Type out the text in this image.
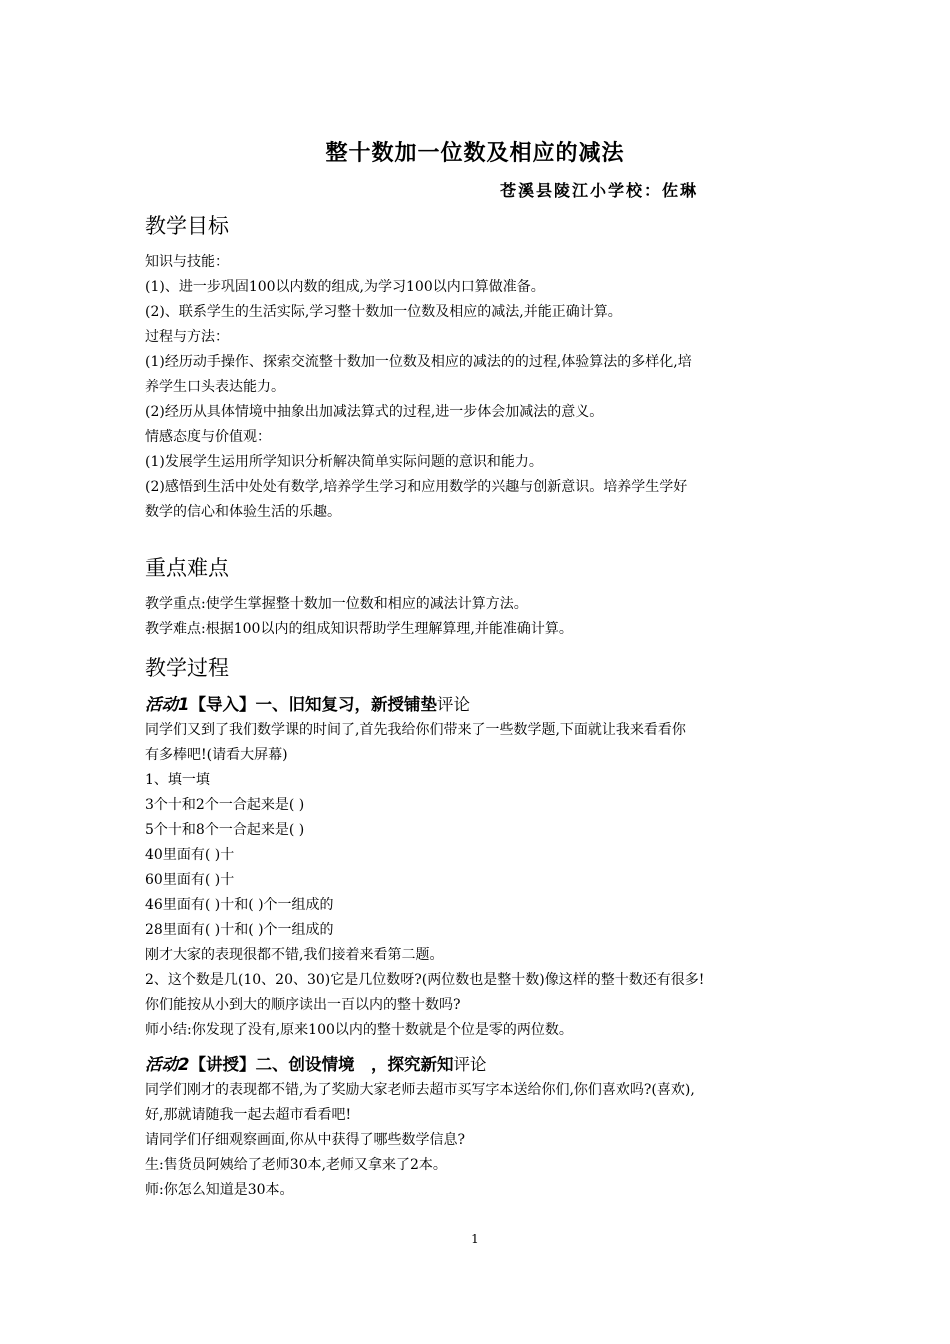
整十数加一位数及相应的减法
苍溪县陵江小学校：佐琳
教学目标
知识与技能：
(1)、进一步巩固100以内数的组成,为学习100以内口算做准备。
(2)、联系学生的生活实际,学习整十数加一位数及相应的减法,并能正确计算。
过程与方法：
(1)经历动手操作、探索交流整十数加一位数及相应的减法的的过程,体验算法的多样化,培
养学生口头表达能力。
(2)经历从具体情境中抽象出加减法算式的过程,进一步体会加减法的意义。
情感态度与价值观：
(1)发展学生运用所学知识分析解决简单实际问题的意识和能力。
(2)感悟到生活中处处有数学,培养学生学习和应用数学的兴趣与创新意识。培养学生学好
数学的信心和体验生活的乐趣。
重点难点
教学重点:使学生掌握整十数加一位数和相应的减法计算方法。
教学难点:根据100以内的组成知识帮助学生理解算理,并能准确计算。
教学过程
活动1【导入】一、旧知复习，新授铺垫评论
同学们又到了我们数学课的时间了,首先我给你们带来了一些数学题,下面就让我来看看你
有多棒吧!(请看大屏幕)
1、填一填
3个十和2个一合起来是( )
5个十和8个一合起来是( )
40里面有( )十
60里面有( )十
46里面有( )十和( )个一组成的
28里面有( )十和( )个一组成的
刚才大家的表现很都不错,我们接着来看第二题。
2、这个数是几(10、20、30)它是几位数呀?(两位数也是整十数)像这样的整十数还有很多!
你们能按从小到大的顺序读出一百以内的整十数吗?
师小结:你发现了没有,原来100以内的整十数就是个位是零的两位数。
活动2【讲授】二、创设情境　，探究新知评论
同学们刚才的表现都不错,为了奖励大家老师去超市买写字本送给你们,你们喜欢吗?(喜欢),
好,那就请随我一起去超市看看吧!
请同学们仔细观察画面,你从中获得了哪些数学信息?
生:售货员阿姨给了老师30本,老师又拿来了2本。
师:你怎么知道是30本。
1
